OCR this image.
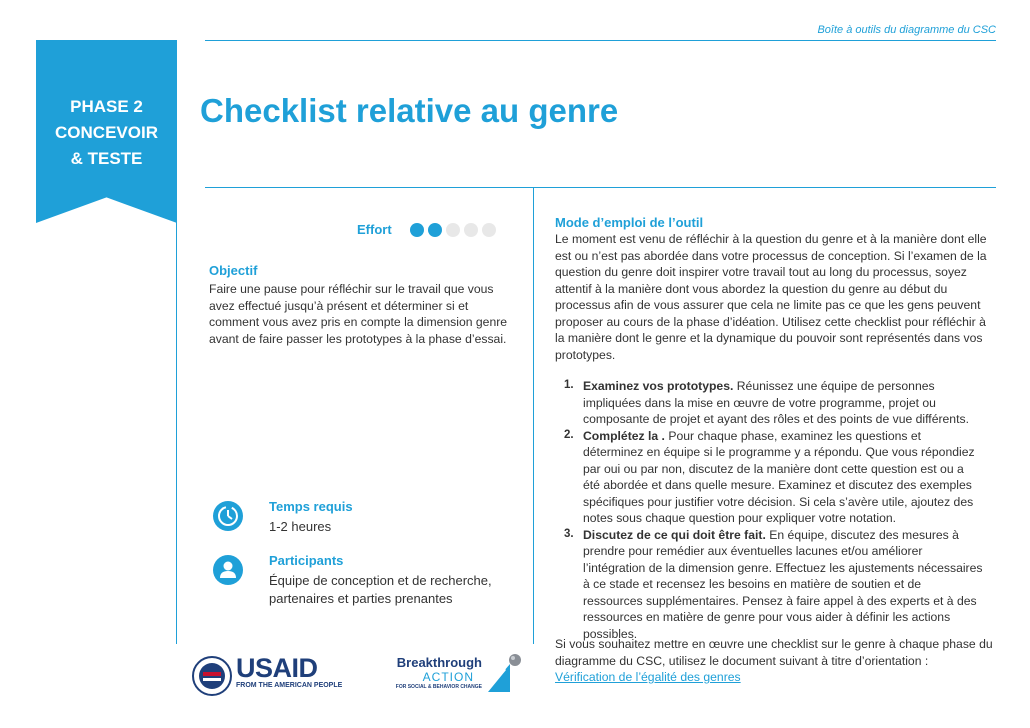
Boîte à outils du diagramme du CSC
PHASE 2
CONCEVOIR
& TESTE
Checklist relative au genre
Effort
Objectif
Faire une pause pour réfléchir sur le travail que vous avez effectué jusqu’à présent et déterminer si et comment vous avez pris en compte la dimension genre avant de faire passer les prototypes à la phase d’essai.
Temps requis
1-2 heures
Participants
Équipe de conception et de recherche, partenaires et parties prenantes
USAID
FROM THE AMERICAN PEOPLE
Breakthrough
ACTION
FOR SOCIAL & BEHAVIOR CHANGE
Mode d’emploi de l’outil
Le moment est venu de réfléchir à la question du genre et à la manière dont elle est ou n’est pas abordée dans votre processus de conception. Si l’examen de la question du genre doit inspirer votre travail tout au long du processus, soyez attentif à la manière dont vous abordez la question du genre au début du processus afin de vous assurer que cela ne limite pas ce que les gens peuvent proposer au cours de la phase d’idéation. Utilisez cette checklist pour réfléchir à la manière dont le genre et la dynamique du pouvoir sont représentés dans vos prototypes.
1. Examinez vos prototypes. Réunissez une équipe de personnes impliquées dans la mise en œuvre de votre programme, projet ou composante de projet et ayant des rôles et des points de vue différents.
2. Complétez la . Pour chaque phase, examinez les questions et déterminez en équipe si le programme y a répondu. Que vous répondiez par oui ou par non, discutez de la manière dont cette question est ou a été abordée et dans quelle mesure. Examinez et discutez des exemples spécifiques pour justifier votre décision. Si cela s’avère utile, ajoutez des notes sous chaque question pour expliquer votre notation.
3. Discutez de ce qui doit être fait. En équipe, discutez des mesures à prendre pour remédier aux éventuelles lacunes et/ou améliorer l’intégration de la dimension genre. Effectuez les ajustements nécessaires à ce stade et recensez les besoins en matière de soutien et de ressources supplémentaires. Pensez à faire appel à des experts et à des ressources en matière de genre pour vous aider à définir les actions possibles.
Si vous souhaitez mettre en œuvre une checklist sur le genre à chaque phase du diagramme du CSC, utilisez le document suivant à titre d’orientation :
Vérification de l’égalité des genres
